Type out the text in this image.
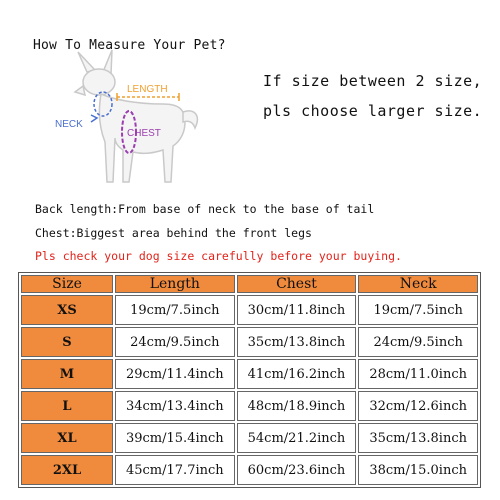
How To Measure Your Pet?
If size between 2 size,
pls choose larger size.
LENGTH
NECK
CHEST
Back length:From base of neck to the base of tail
Chest:Biggest area behind the front legs
Pls check your dog size carefully before your buying.
Size	Length	Chest	Neck
XS	19cm/7.5inch	30cm/11.8inch	19cm/7.5inch
S	24cm/9.5inch	35cm/13.8inch	24cm/9.5inch
M	29cm/11.4inch	41cm/16.2inch	28cm/11.0inch
L	34cm/13.4inch	48cm/18.9inch	32cm/12.6inch
XL	39cm/15.4inch	54cm/21.2inch	35cm/13.8inch
2XL	45cm/17.7inch	60cm/23.6inch	38cm/15.0inch
